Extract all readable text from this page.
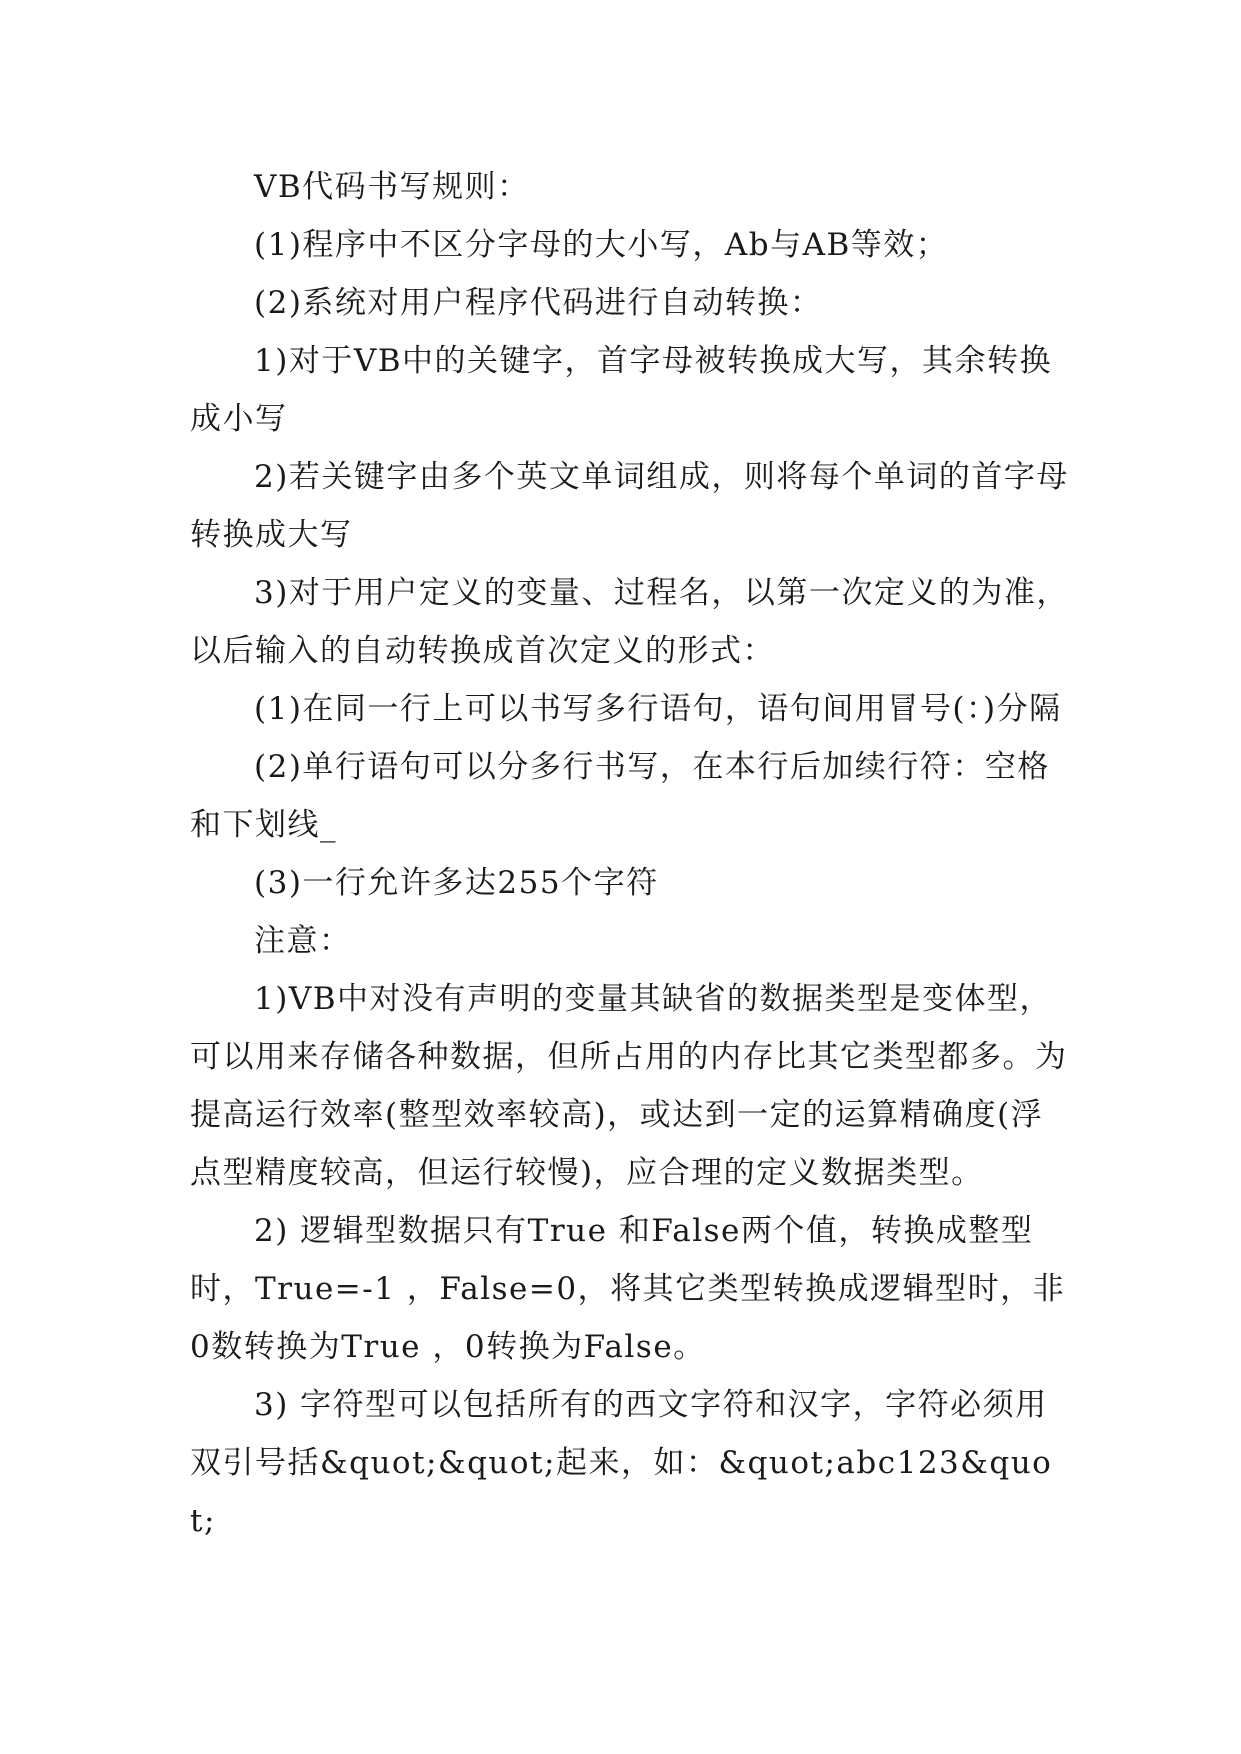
VB代码书写规则：

(1)程序中不区分字母的大小写，Ab与AB等效；

(2)系统对用户程序代码进行自动转换：

1)对于VB中的关键字，首字母被转换成大写，其余转换成小写

2)若关键字由多个英文单词组成，则将每个单词的首字母转换成大写

3)对于用户定义的变量、过程名，以第一次定义的为准，以后输入的自动转换成首次定义的形式：

(1)在同一行上可以书写多行语句，语句间用冒号(：)分隔

(2)单行语句可以分多行书写，在本行后加续行符：空格和下划线_

(3)一行允许多达255个字符

注意：

1)VB中对没有声明的变量其缺省的数据类型是变体型，可以用来存储各种数据，但所占用的内存比其它类型都多。为提高运行效率(整型效率较高)，或达到一定的运算精确度(浮点型精度较高，但运行较慢)，应合理的定义数据类型。

2) 逻辑型数据只有True 和False两个值，转换成整型时，True=-1 ，False=0，将其它类型转换成逻辑型时，非0数转换为True ，0转换为False。

3) 字符型可以包括所有的西文字符和汉字，字符必须用双引号括&quot;&quot;起来，如：&quot;abc123&quot;
